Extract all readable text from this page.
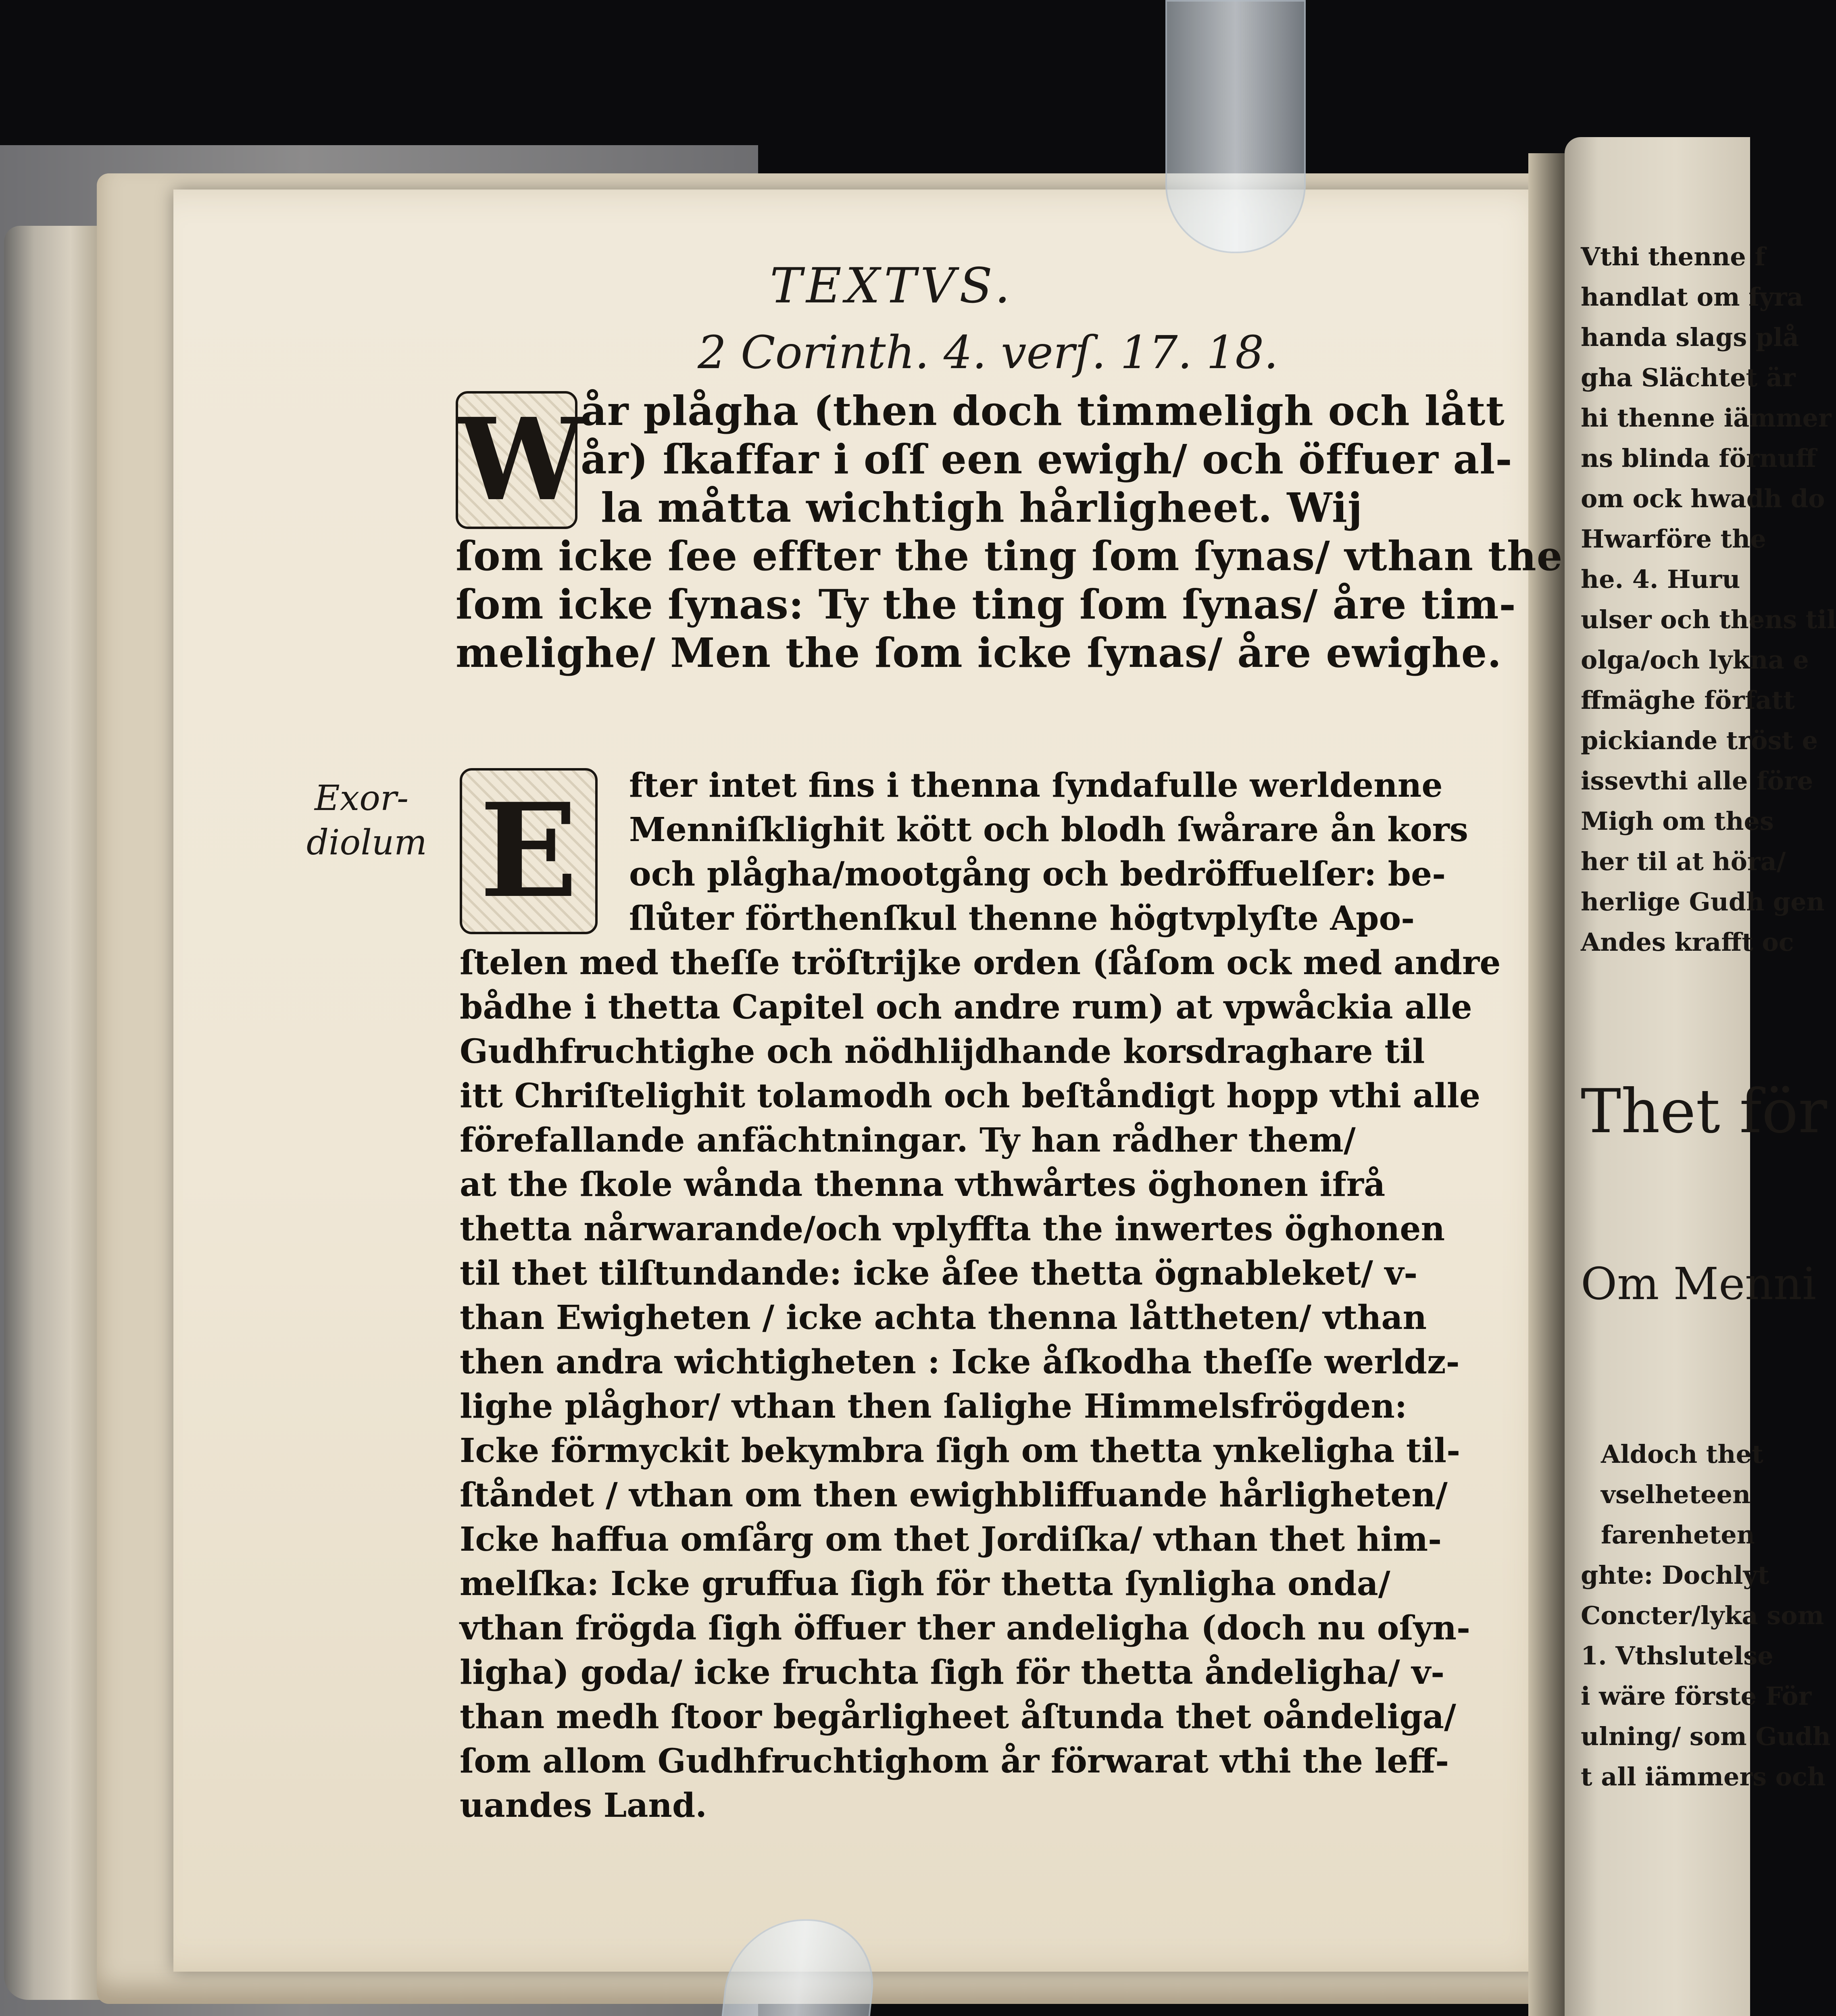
Vthi thenne f
handlat om fyra
handa slags plå
gha Slächtet är
hi thenne iämmer
ns blinda förnuff
om ock hwadh do
Hwarföre the
he. 4. Huru
ulser och thens til
olga/och lykna e
ffmäghe författ
pickiande tröst e
issevthi alle före
Migh om thes
her til at höra/
herlige Gudh gen
Andes krafft oc
Thet för
Om Menni
Aldoch thet
vselheteen
farenheten
ghte: Dochlyt
Concter/lyka som
1. Vthslutelse
i wäre förste För
ulning/ som Gudh
t all iämmers och
TEXTVS.
2 Corinth. 4. verſ. 17. 18.
W
år plågha (then doch timmeligh och lått
år) ſkaffar i oſſ een ewigh/ och öffuer al-
la måtta wichtigh hårligheet. Wij
ſom icke ſee effter the ting ſom ſynas/ vthan the
ſom icke ſynas: Ty the ting ſom ſynas/ åre tim-
melighe/ Men the ſom icke ſynas/ åre ewighe.
Exor-
diolum E	fter intet fins i thenna ſyndafulle werldenne
Menniſklighit kött och blodh ſwårare ån kors
och plågha/mootgång och bedröffuelſer: be-
ſlůter förthenſkul thenne högtvplyſte Apo-
ſtelen med theſſe tröſtrijke orden (ſåſom ock med andre
bådhe i thetta Capitel och andre rum) at vpwåckia alle
Gudhfruchtighe och nödhlijdhande korsdraghare til
itt Chriſtelighit tolamodh och beſtåndigt hopp vthi alle
förefallande anfächtningar. Ty han rådher them/
at the ſkole wånda thenna vthwårtes öghonen ifrå
thetta nårwarande/och vplyffta the inwertes öghonen
til thet tilſtundande: icke åſee thetta ögnableket/ v-
than Ewigheten / icke achta thenna låttheten/ vthan
then andra wichtigheten : Icke åſkodha theſſe werldz-
lighe plåghor/ vthan then ſalighe Himmelsfrögden:
Icke förmyckit bekymbra ſigh om thetta ynkeligha til-
ſtåndet / vthan om then ewighbliffuande hårligheten/
Icke haffua omſårg om thet Jordiſka/ vthan thet him-
melſka: Icke gruffua ſigh för thetta ſynligha onda/
vthan frögda ſigh öffuer ther andeligha (doch nu oſyn-
ligha) goda/ icke fruchta ſigh för thetta åndeligha/ v-
than medh ſtoor begårligheet åſtunda thet oåndeliga/
ſom allom Gudhfruchtighom år förwarat vthi the leff-
uandes Land.
